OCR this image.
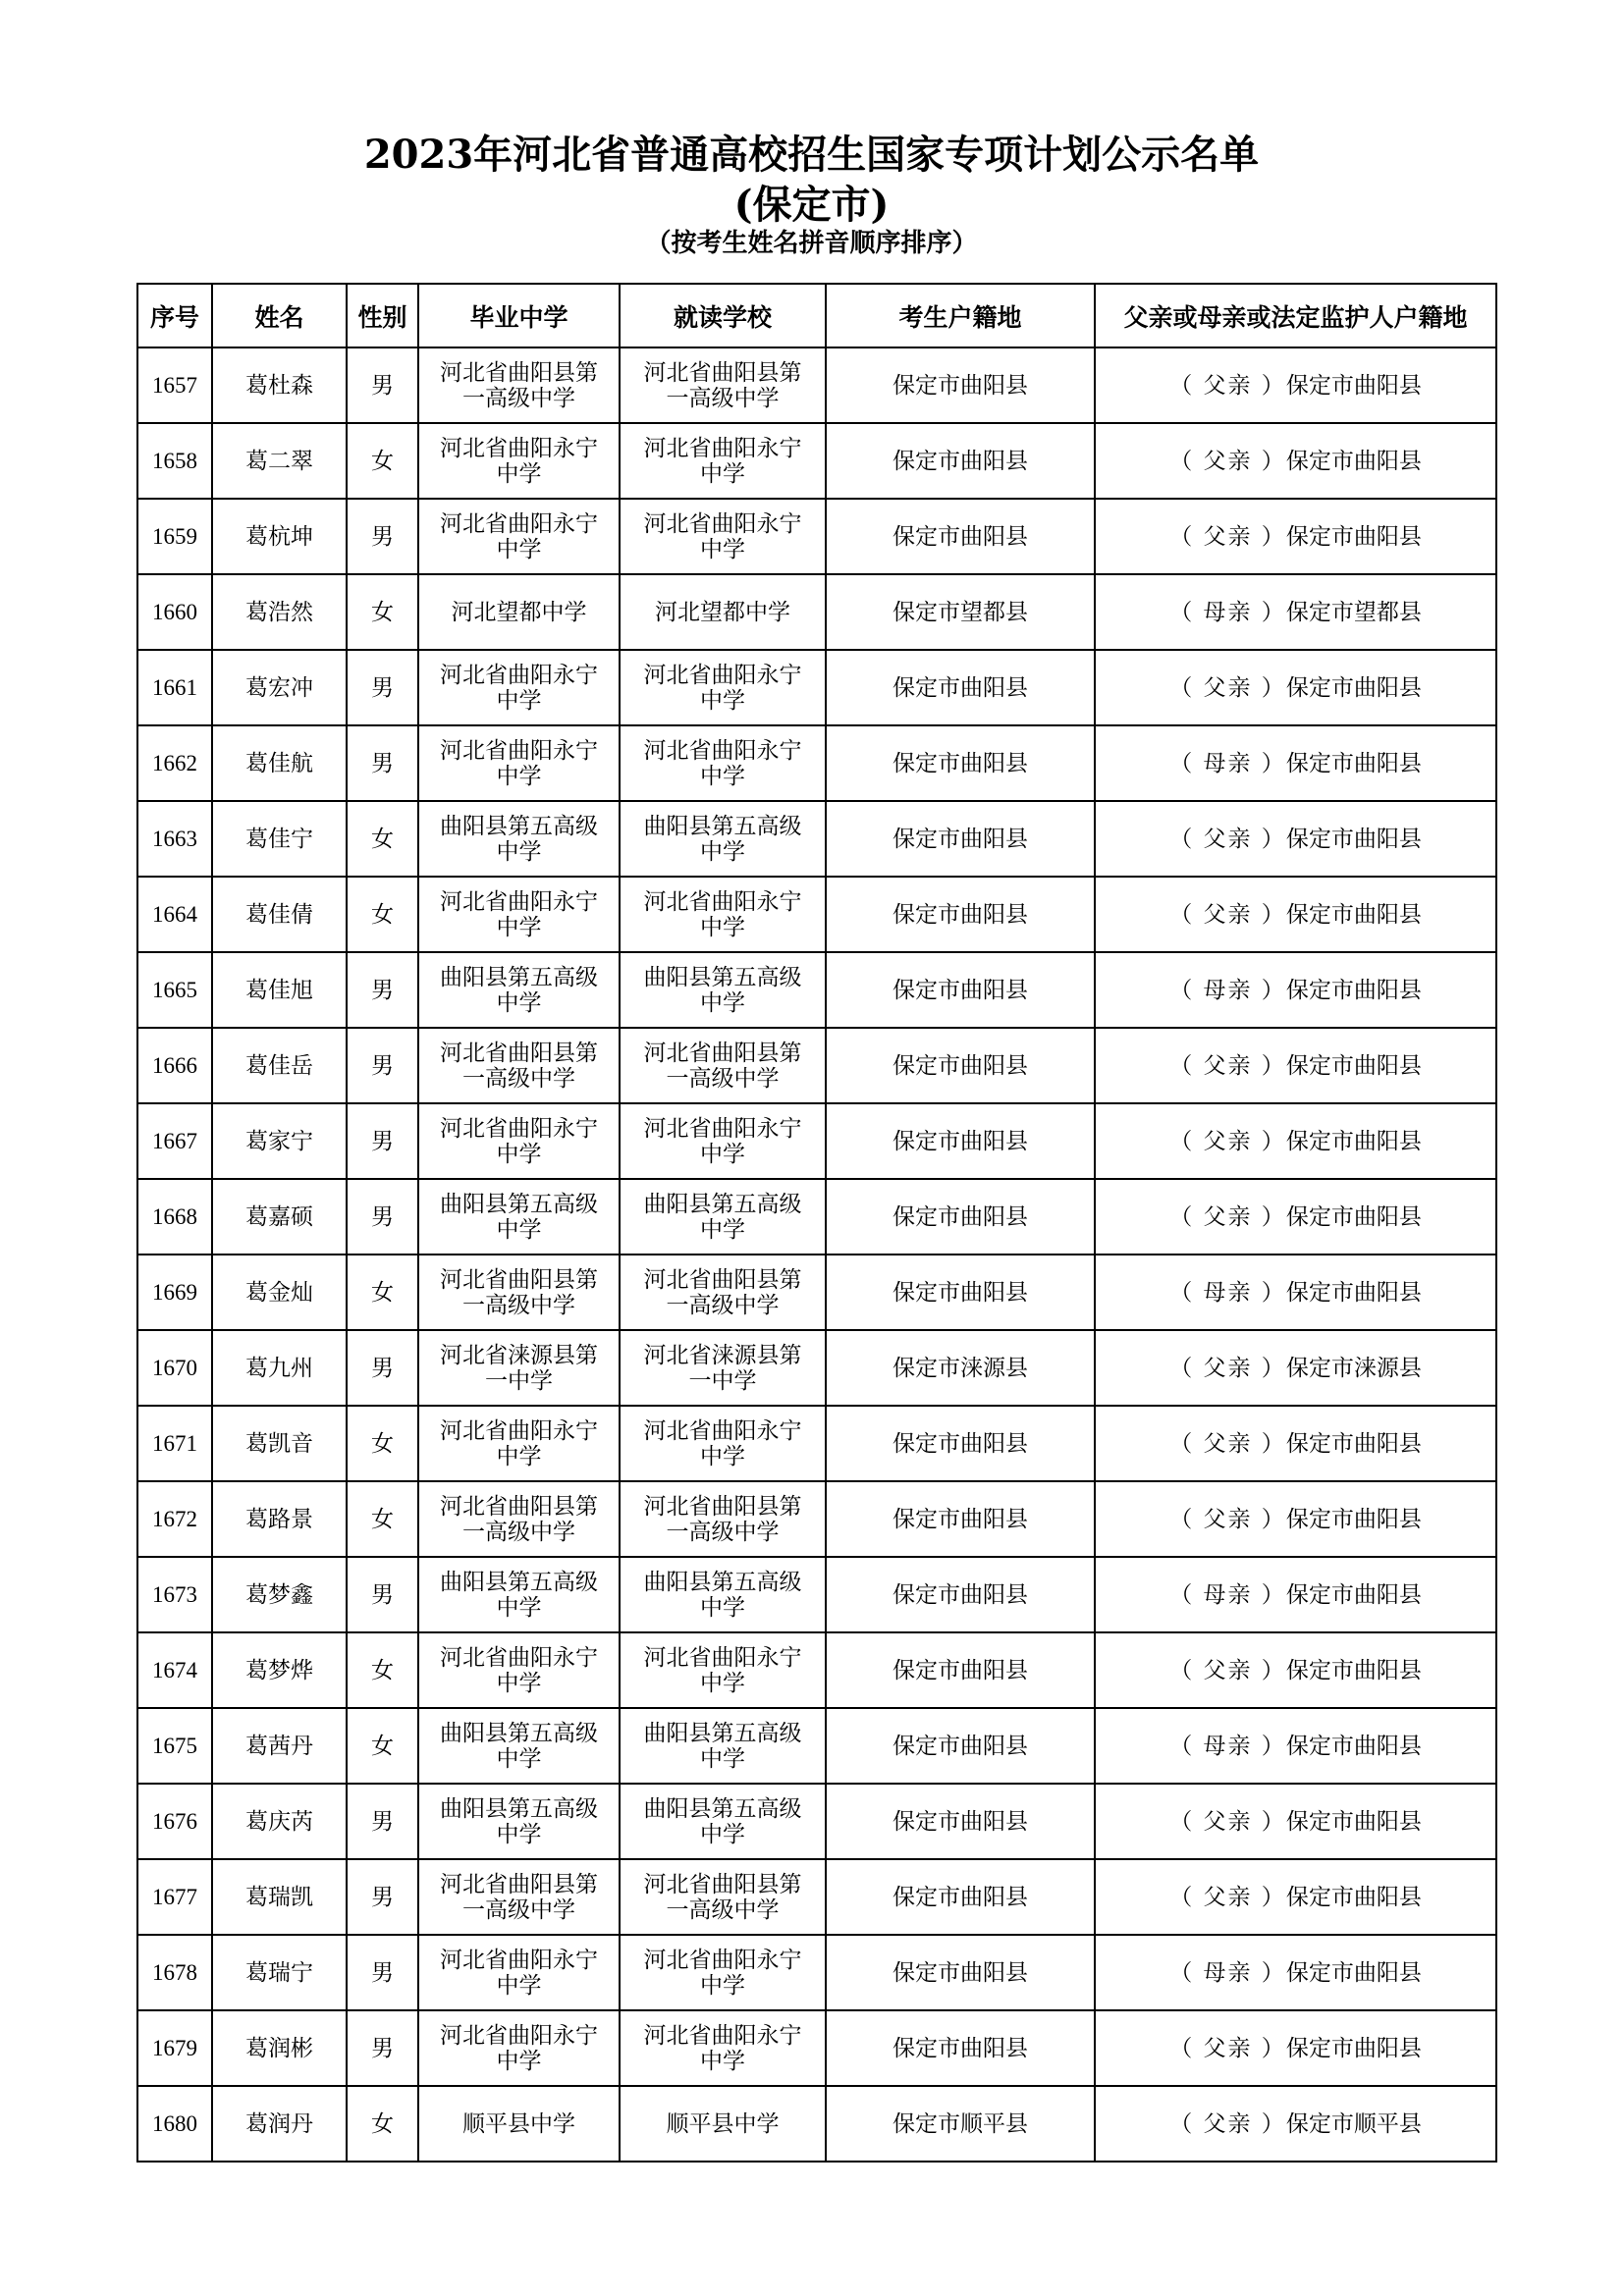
2023年河北省普通高校招生国家专项计划公示名单
(保定市)
（按考生姓名拼音顺序排序）
序号	姓名	性别	毕业中学	就读学校	考生户籍地	父亲或母亲或法定监护人户籍地
1657	葛杜森	男	河北省曲阳县第一高级中学	河北省曲阳县第一高级中学	保定市曲阳县	（ 父亲 ）保定市曲阳县
1658	葛二翠	女	河北省曲阳永宁中学	河北省曲阳永宁中学	保定市曲阳县	（ 父亲 ）保定市曲阳县
1659	葛杭坤	男	河北省曲阳永宁中学	河北省曲阳永宁中学	保定市曲阳县	（ 父亲 ）保定市曲阳县
1660	葛浩然	女	河北望都中学	河北望都中学	保定市望都县	（ 母亲 ）保定市望都县
1661	葛宏冲	男	河北省曲阳永宁中学	河北省曲阳永宁中学	保定市曲阳县	（ 父亲 ）保定市曲阳县
1662	葛佳航	男	河北省曲阳永宁中学	河北省曲阳永宁中学	保定市曲阳县	（ 母亲 ）保定市曲阳县
1663	葛佳宁	女	曲阳县第五高级中学	曲阳县第五高级中学	保定市曲阳县	（ 父亲 ）保定市曲阳县
1664	葛佳倩	女	河北省曲阳永宁中学	河北省曲阳永宁中学	保定市曲阳县	（ 父亲 ）保定市曲阳县
1665	葛佳旭	男	曲阳县第五高级中学	曲阳县第五高级中学	保定市曲阳县	（ 母亲 ）保定市曲阳县
1666	葛佳岳	男	河北省曲阳县第一高级中学	河北省曲阳县第一高级中学	保定市曲阳县	（ 父亲 ）保定市曲阳县
1667	葛家宁	男	河北省曲阳永宁中学	河北省曲阳永宁中学	保定市曲阳县	（ 父亲 ）保定市曲阳县
1668	葛嘉硕	男	曲阳县第五高级中学	曲阳县第五高级中学	保定市曲阳县	（ 父亲 ）保定市曲阳县
1669	葛金灿	女	河北省曲阳县第一高级中学	河北省曲阳县第一高级中学	保定市曲阳县	（ 母亲 ）保定市曲阳县
1670	葛九州	男	河北省涞源县第一中学	河北省涞源县第一中学	保定市涞源县	（ 父亲 ）保定市涞源县
1671	葛凯音	女	河北省曲阳永宁中学	河北省曲阳永宁中学	保定市曲阳县	（ 父亲 ）保定市曲阳县
1672	葛路景	女	河北省曲阳县第一高级中学	河北省曲阳县第一高级中学	保定市曲阳县	（ 父亲 ）保定市曲阳县
1673	葛梦鑫	男	曲阳县第五高级中学	曲阳县第五高级中学	保定市曲阳县	（ 母亲 ）保定市曲阳县
1674	葛梦烨	女	河北省曲阳永宁中学	河北省曲阳永宁中学	保定市曲阳县	（ 父亲 ）保定市曲阳县
1675	葛茜丹	女	曲阳县第五高级中学	曲阳县第五高级中学	保定市曲阳县	（ 母亲 ）保定市曲阳县
1676	葛庆芮	男	曲阳县第五高级中学	曲阳县第五高级中学	保定市曲阳县	（ 父亲 ）保定市曲阳县
1677	葛瑞凯	男	河北省曲阳县第一高级中学	河北省曲阳县第一高级中学	保定市曲阳县	（ 父亲 ）保定市曲阳县
1678	葛瑞宁	男	河北省曲阳永宁中学	河北省曲阳永宁中学	保定市曲阳县	（ 母亲 ）保定市曲阳县
1679	葛润彬	男	河北省曲阳永宁中学	河北省曲阳永宁中学	保定市曲阳县	（ 父亲 ）保定市曲阳县
1680	葛润丹	女	顺平县中学	顺平县中学	保定市顺平县	（ 父亲 ）保定市顺平县
